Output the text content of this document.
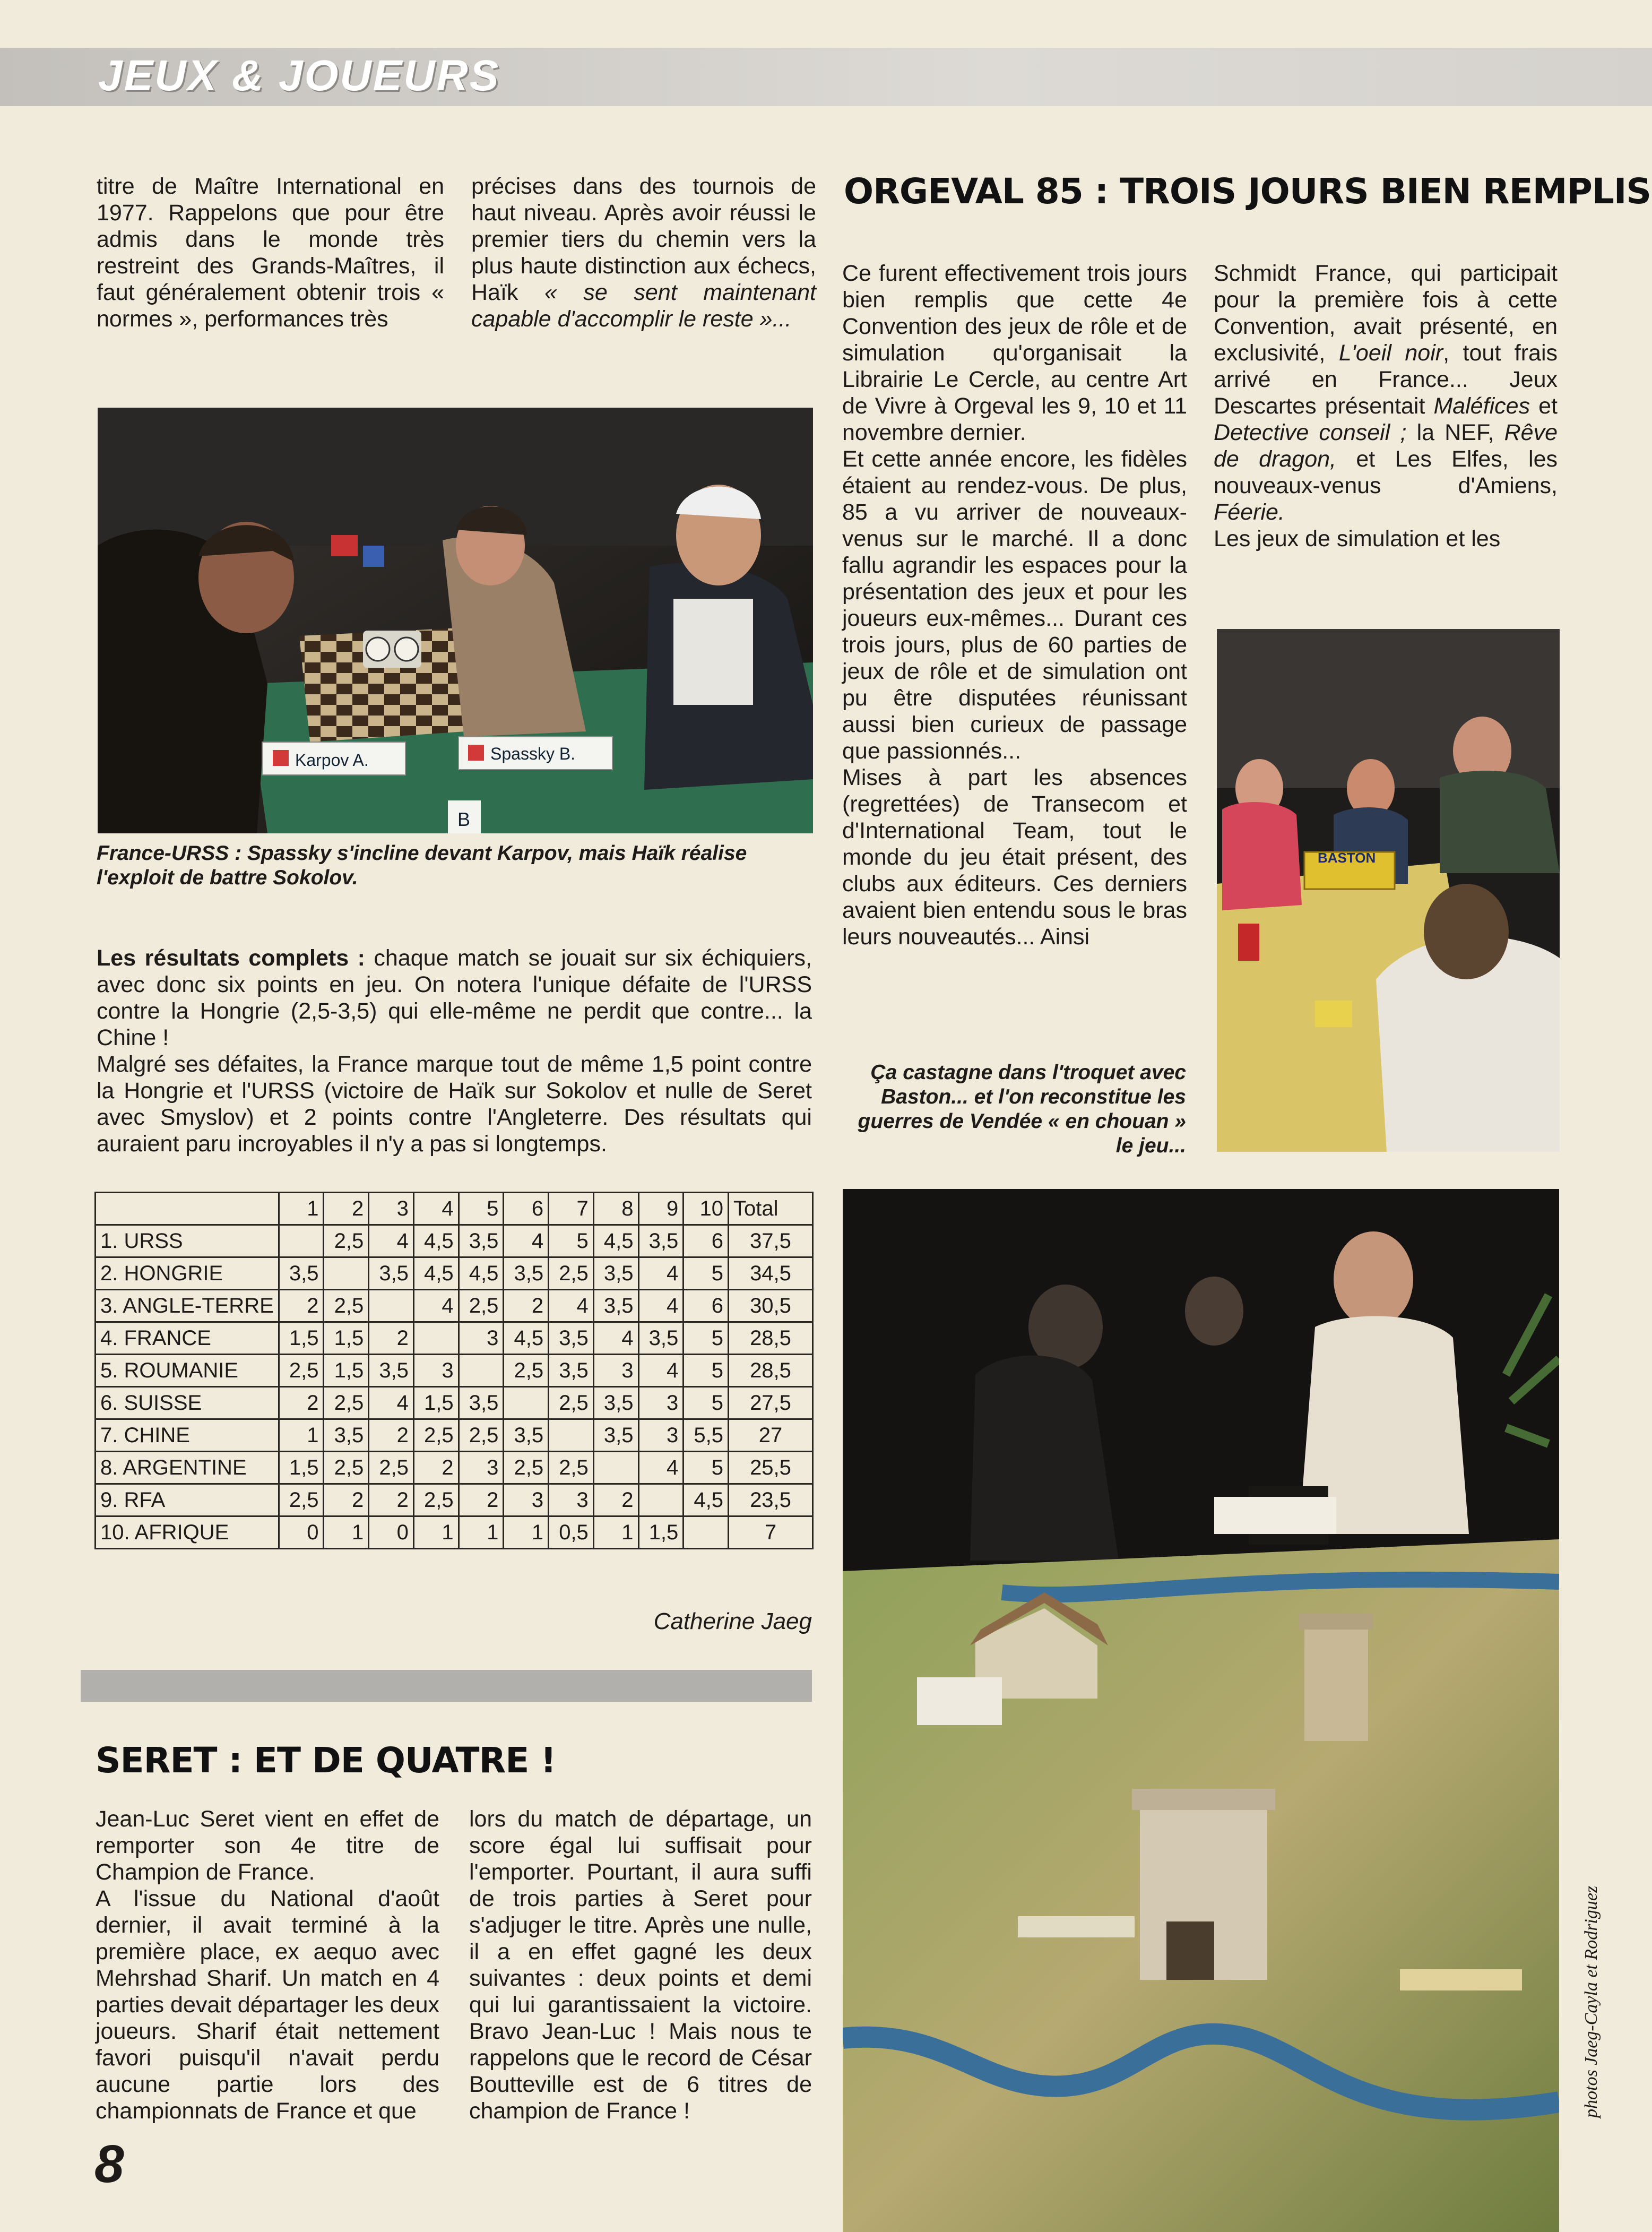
JEUX & JOUEURS

titre de Maître International en 1977. Rappelons que pour être admis dans le monde très restreint des Grands-Maîtres, il faut généralement obtenir trois « normes », performances très

précises dans des tournois de haut niveau. Après avoir réussi le premier tiers du chemin vers la plus haute distinction aux échecs, Haïk « se sent maintenant capable d'accomplir le reste »...

Karpov A.	Spassky B.
B
France-URSS : Spassky s'incline devant Karpov, mais Haïk réalise l'exploit de battre Sokolov.

Les résultats complets : chaque match se jouait sur six échiquiers, avec donc six points en jeu. On notera l'unique défaite de l'URSS contre la Hongrie (2,5-3,5) qui elle-même ne perdit que contre... la Chine !

Malgré ses défaites, la France marque tout de même 1,5 point contre la Hongrie et l'URSS (victoire de Haïk sur Sokolov et nulle de Seret avec Smyslov) et 2 points contre l'Angleterre. Des résultats qui auraient paru incroyables il n'y a pas si longtemps.

	1	2	3	4	5	6	7	8	9	10	Total
1. URSS		2,5	4	4,5	3,5	4	5	4,5	3,5	6	37,5
2. HONGRIE	3,5		3,5	4,5	4,5	3,5	2,5	3,5	4	5	34,5
3. ANGLE-TERRE	2	2,5		4	2,5	2	4	3,5	4	6	30,5
4. FRANCE	1,5	1,5	2		3	4,5	3,5	4	3,5	5	28,5
5. ROUMANIE	2,5	1,5	3,5	3		2,5	3,5	3	4	5	28,5
6. SUISSE	2	2,5	4	1,5	3,5		2,5	3,5	3	5	27,5
7. CHINE	1	3,5	2	2,5	2,5	3,5		3,5	3	5,5	27
8. ARGENTINE	1,5	2,5	2,5	2	3	2,5	2,5		4	5	25,5
9. RFA	2,5	2	2	2,5	2	3	3	2		4,5	23,5
10. AFRIQUE	0	1	0	1	1	1	0,5	1	1,5		7
Catherine Jaeg
SERET : ET DE QUATRE !

Jean-Luc Seret vient en effet de remporter son 4e titre de Champion de France.

A l'issue du National d'août dernier, il avait terminé à la première place, ex aequo avec Mehrshad Sharif. Un match en 4 parties devait départager les deux joueurs. Sharif était nettement favori puisqu'il n'avait perdu aucune partie lors des championnats de France et que

lors du match de départage, un score égal lui suffisait pour l'emporter. Pourtant, il aura suffi de trois parties à Seret pour s'adjuger le titre. Après une nulle, il a en effet gagné les deux suivantes : deux points et demi qui lui garantissaient la victoire. Bravo Jean-Luc ! Mais nous te rappelons que le record de César Boutteville est de 6 titres de champion de France !

8
ORGEVAL 85 : TROIS JOURS BIEN REMPLIS

Ce furent effectivement trois jours bien remplis que cette 4e Convention des jeux de rôle et de simulation qu'organisait la Librairie Le Cercle, au centre Art de Vivre à Orgeval les 9, 10 et 11 novembre dernier.

Et cette année encore, les fidèles étaient au rendez-vous. De plus, 85 a vu arriver de nouveaux-venus sur le marché. Il a donc fallu agrandir les espaces pour la présentation des jeux et pour les joueurs eux-mêmes... Durant ces trois jours, plus de 60 parties de jeux de rôle et de simulation ont pu être disputées réunissant aussi bien curieux de passage que passionnés...

Mises à part les absences (regrettées) de Transecom et d'International Team, tout le monde du jeu était présent, des clubs aux éditeurs. Ces derniers avaient bien entendu sous le bras leurs nouveautés... Ainsi

Schmidt France, qui participait pour la première fois à cette Convention, avait présenté, en exclusivité, L'oeil noir, tout frais arrivé en France... Jeux Descartes présentait Maléfices et Detective conseil ; la NEF, Rêve de dragon, et Les Elfes, les nouveaux-venus d'Amiens, Féerie.

Les jeux de simulation et les

BASTON
Ça castagne dans l'troquet avec Baston... et l'on reconstitue les guerres de Vendée « en chouan » le jeu...
photos Jaeg-Cayla et Rodriguez
